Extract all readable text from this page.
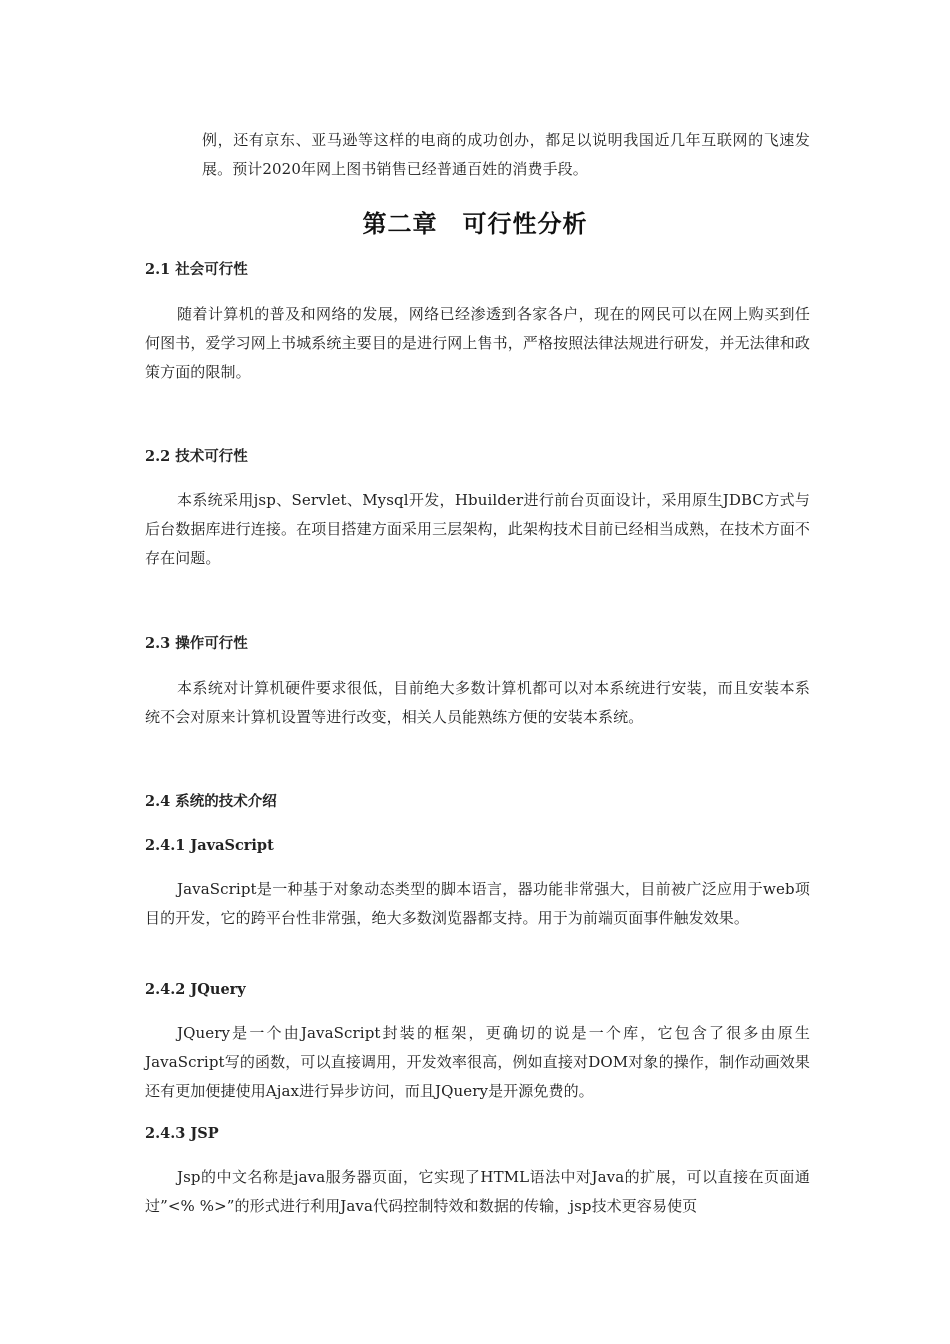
例，还有京东、亚马逊等这样的电商的成功创办，都足以说明我国近几年互联网的飞速发展。预计2020年网上图书销售已经普通百姓的消费手段。

第二章　可行性分析
2.1 社会可行性

随着计算机的普及和网络的发展，网络已经渗透到各家各户，现在的网民可以在网上购买到任何图书，爱学习网上书城系统主要目的是进行网上售书，严格按照法律法规进行研发，并无法律和政策方面的限制。

2.2 技术可行性

本系统采用jsp、Servlet、Mysql开发，Hbuilder进行前台页面设计，采用原生JDBC方式与后台数据库进行连接。在项目搭建方面采用三层架构，此架构技术目前已经相当成熟，在技术方面不存在问题。

2.3 操作可行性

本系统对计算机硬件要求很低，目前绝大多数计算机都可以对本系统进行安装，而且安装本系统不会对原来计算机设置等进行改变，相关人员能熟练方便的安装本系统。

2.4 系统的技术介绍
2.4.1 JavaScript

JavaScript是一种基于对象动态类型的脚本语言，器功能非常强大，目前被广泛应用于web项目的开发，它的跨平台性非常强，绝大多数浏览器都支持。用于为前端页面事件触发效果。

2.4.2 JQuery

JQuery是一个由JavaScript封装的框架，更确切的说是一个库，它包含了很多由原生JavaScript写的函数，可以直接调用，开发效率很高，例如直接对DOM对象的操作，制作动画效果还有更加便捷使用Ajax进行异步访问，而且JQuery是开源免费的。

2.4.3 JSP

Jsp的中文名称是java服务器页面，它实现了HTML语法中对Java的扩展，可以直接在页面通过”<% %>”的形式进行利用Java代码控制特效和数据的传输，jsp技术更容易使页
